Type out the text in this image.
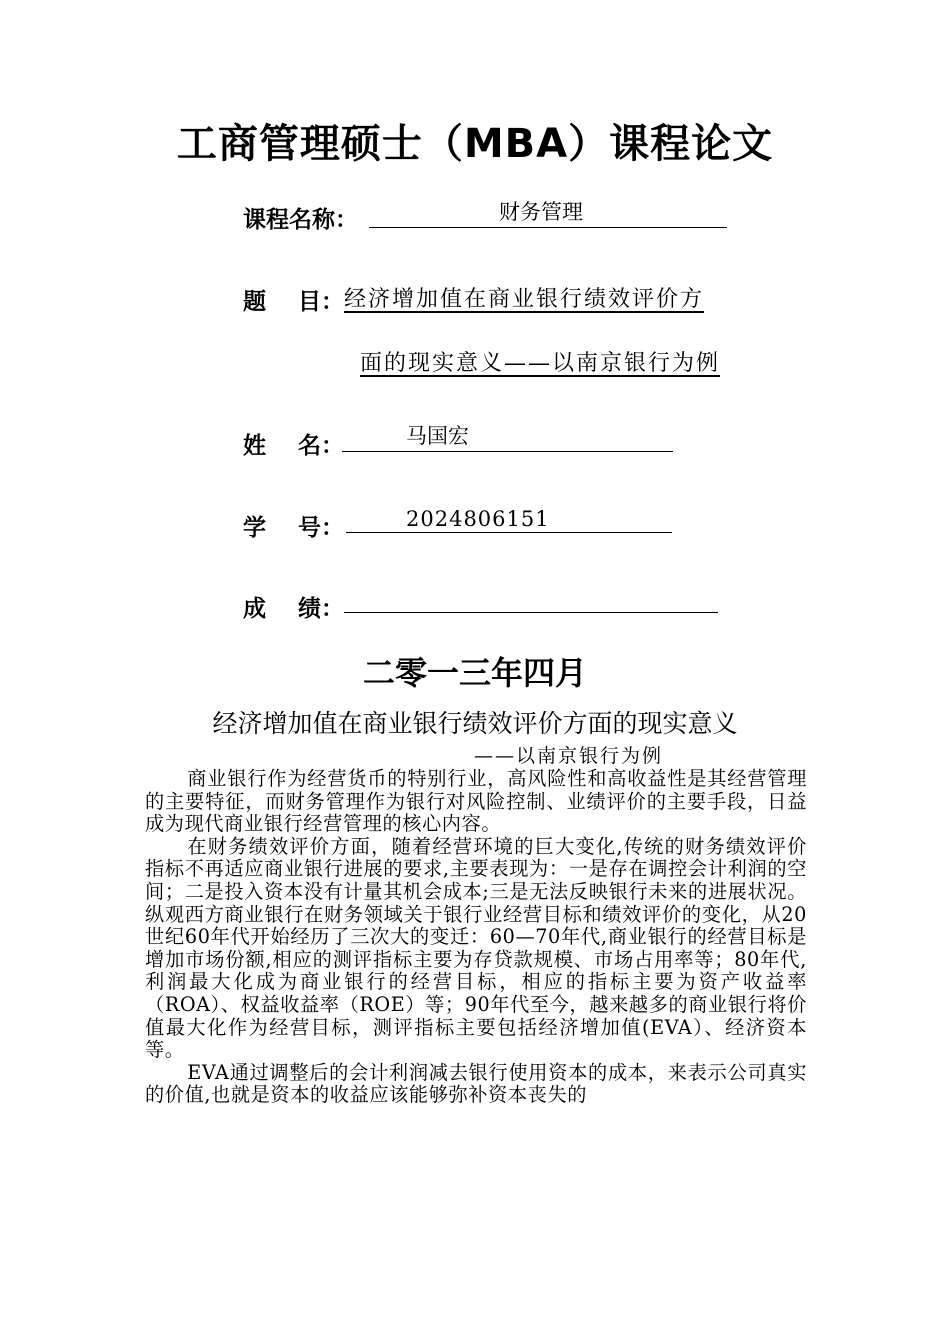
工商管理硕士（MBA）课程论文
课程名称：	财务管理
题    目： 经济增加值在商业银行绩效评价方
面的现实意义——以南京银行为例
姓    名：	马国宏
学    号：	2024806151
成    绩：
二零一三年四月
经济增加值在商业银行绩效评价方面的现实意义
——以南京银行为例

商业银行作为经营货币的特别行业，高风险性和高收益性是其经营管理的主要特征，而财务管理作为银行对风险控制、业绩评价的主要手段，日益成为现代商业银行经营管理的核心内容。

在财务绩效评价方面，随着经营环境的巨大变化,传统的财务绩效评价指标不再适应商业银行进展的要求,主要表现为：一是存在调控会计利润的空间；二是投入资本没有计量其机会成本;三是无法反映银行未来的进展状况。纵观西方商业银行在财务领域关于银行业经营目标和绩效评价的变化，从20世纪60年代开始经历了三次大的变迁：60—70年代,商业银行的经营目标是增加市场份额,相应的测评指标主要为存贷款规模、市场占用率等；80年代,利润最大化成为商业银行的经营目标，相应的指标主要为资产收益率（ROA）、权益收益率（ROE）等；90年代至今，越来越多的商业银行将价值最大化作为经营目标，测评指标主要包括经济增加值(EVA）、经济资本等。

EVA通过调整后的会计利润减去银行使用资本的成本，来表示公司真实的价值,也就是资本的收益应该能够弥补资本丧失的
